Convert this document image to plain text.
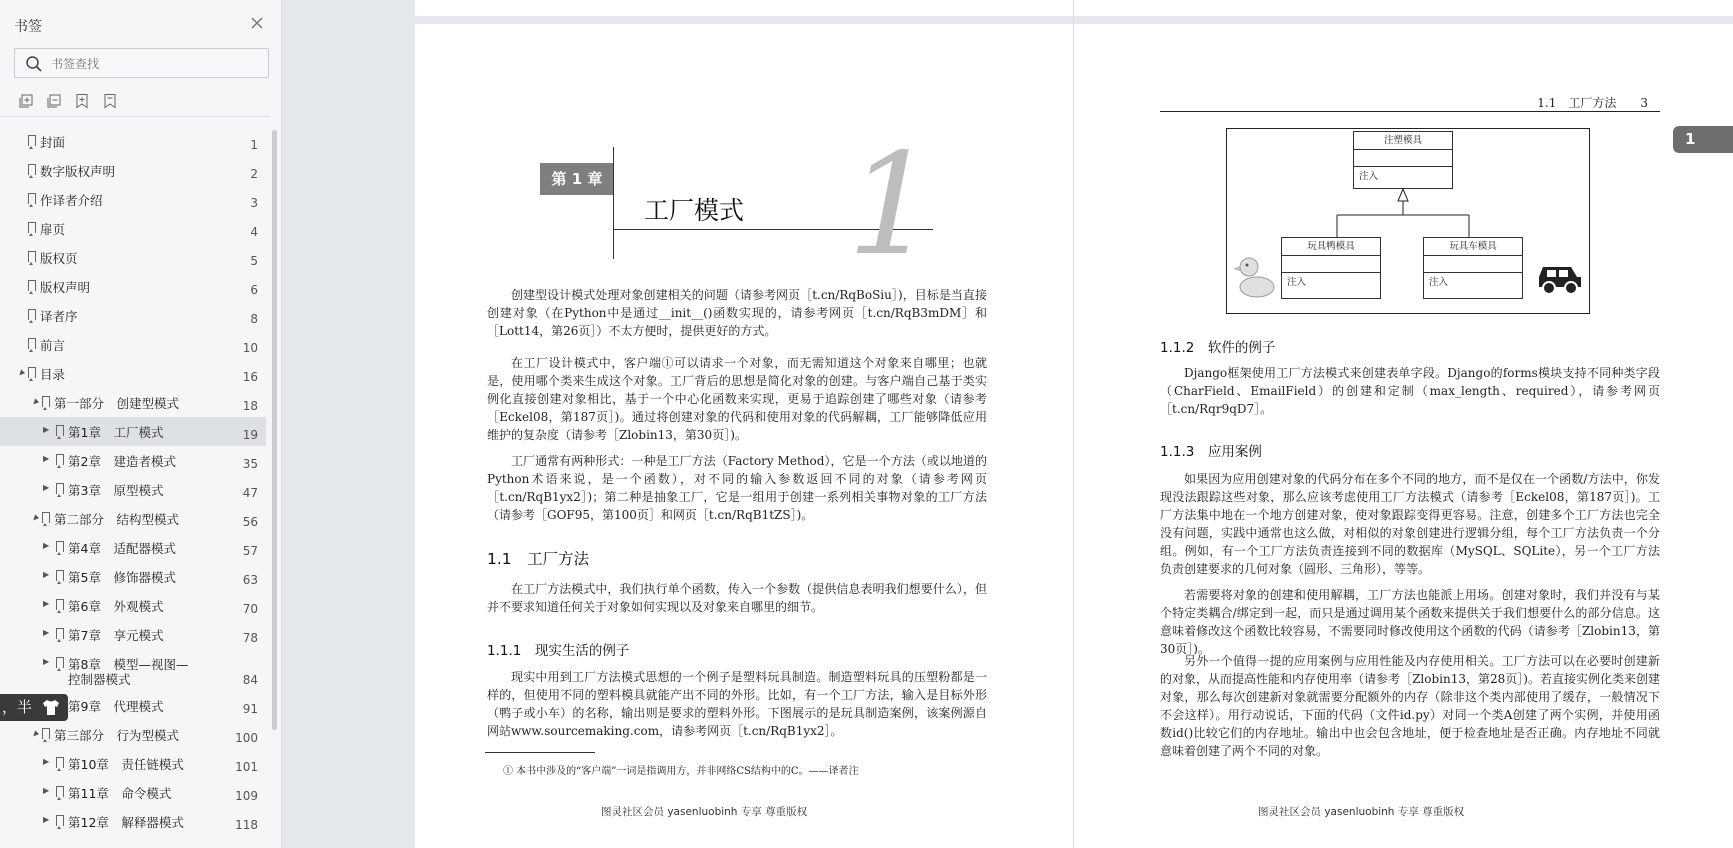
书签
书签查找
封面	1
数字版权声明	2
作译者介绍	3
扉页	4
版权页	5
版权声明	6
译者序	8
前言	10
▲ 目录	16
▲ 第一部分　创建型模式	18
▶	第1章　工厂模式	19
▶	第2章　建造者模式	35
▶	第3章　原型模式	47
▲ 第二部分　结构型模式	56
▶	第4章　适配器模式	57
▶	第5章　修饰器模式	63
▶	第6章　外观模式	70
▶	第7章　享元模式	78
▶	第8章　模型—视图—
控制器模式	84
第9章　代理模式	91
▲ 第三部分　行为型模式	100
▶	第10章　责任链模式	101
▶	第11章　命令模式	109
▶	第12章　解释器模式	118
，半
第 1 章 1
工厂模式

创建型设计模式处理对象创建相关的问题（请参考网页［t.cn/RqBoSiu］)，目标是当直接创建对象（在Python中是通过__init__()函数实现的，请参考网页［t.cn/RqB3mDM］和［Lott14，第26页］）不太方便时，提供更好的方式。

在工厂设计模式中，客户端①可以请求一个对象，而无需知道这个对象来自哪里；也就是，使用哪个类来生成这个对象。工厂背后的思想是简化对象的创建。与客户端自己基于类实例化直接创建对象相比，基于一个中心化函数来实现，更易于追踪创建了哪些对象（请参考［Eckel08，第187页］)。通过将创建对象的代码和使用对象的代码解耦，工厂能够降低应用维护的复杂度（请参考［Zlobin13，第30页］)。

工厂通常有两种形式：一种是工厂方法（Factory Method），它是一个方法（或以地道的Python术语来说，是一个函数），对不同的输入参数返回不同的对象（请参考网页［t.cn/RqB1yx2］)；第二种是抽象工厂，它是一组用于创建一系列相关事物对象的工厂方法（请参考［GOF95，第100页］和网页［t.cn/RqB1tZS］)。

1.1　工厂方法

在工厂方法模式中，我们执行单个函数，传入一个参数（提供信息表明我们想要什么），但并不要求知道任何关于对象如何实现以及对象来自哪里的细节。

1.1.1　现实生活的例子

现实中用到工厂方法模式思想的一个例子是塑料玩具制造。制造塑料玩具的压塑粉都是一样的，但使用不同的塑料模具就能产出不同的外形。比如，有一个工厂方法，输入是目标外形（鸭子或小车）的名称，输出则是要求的塑料外形。下图展示的是玩具制造案例，该案例源自网站www.sourcemaking.com，请参考网页［t.cn/RqB1yx2］。

① 本书中涉及的“客户端”一词是指调用方，并非网络CS结构中的C。——译者注
图灵社区会员 yasenluobinh 专享 尊重版权
1.1　工厂方法　　3
注塑模具
注入
玩具鸭模具
注入
玩具车模具
注入
1.1.2　软件的例子

Django框架使用工厂方法模式来创建表单字段。Django的forms模块支持不同种类字段（CharField、EmailField）的创建和定制（max_length、required），请参考网页［t.cn/Rqr9qD7］。

1.1.3　应用案例

如果因为应用创建对象的代码分布在多个不同的地方，而不是仅在一个函数/方法中，你发现没法跟踪这些对象，那么应该考虑使用工厂方法模式（请参考［Eckel08，第187页］)。工厂方法集中地在一个地方创建对象，使对象跟踪变得更容易。注意，创建多个工厂方法也完全没有问题，实践中通常也这么做，对相似的对象创建进行逻辑分组，每个工厂方法负责一个分组。例如，有一个工厂方法负责连接到不同的数据库（MySQL、SQLite），另一个工厂方法负责创建要求的几何对象（圆形、三角形），等等。

若需要将对象的创建和使用解耦，工厂方法也能派上用场。创建对象时，我们并没有与某个特定类耦合/绑定到一起，而只是通过调用某个函数来提供关于我们想要什么的部分信息。这意味着修改这个函数比较容易，不需要同时修改使用这个函数的代码（请参考［Zlobin13，第30页］)。

另外一个值得一提的应用案例与应用性能及内存使用相关。工厂方法可以在必要时创建新的对象，从而提高性能和内存使用率（请参考［Zlobin13，第28页］)。若直接实例化类来创建对象，那么每次创建新对象就需要分配额外的内存（除非这个类内部使用了缓存，一般情况下不会这样）。用行动说话，下面的代码（文件id.py）对同一个类A创建了两个实例，并使用函数id()比较它们的内存地址。输出中也会包含地址，便于检查地址是否正确。内存地址不同就意味着创建了两个不同的对象。

图灵社区会员 yasenluobinh 专享 尊重版权
1
